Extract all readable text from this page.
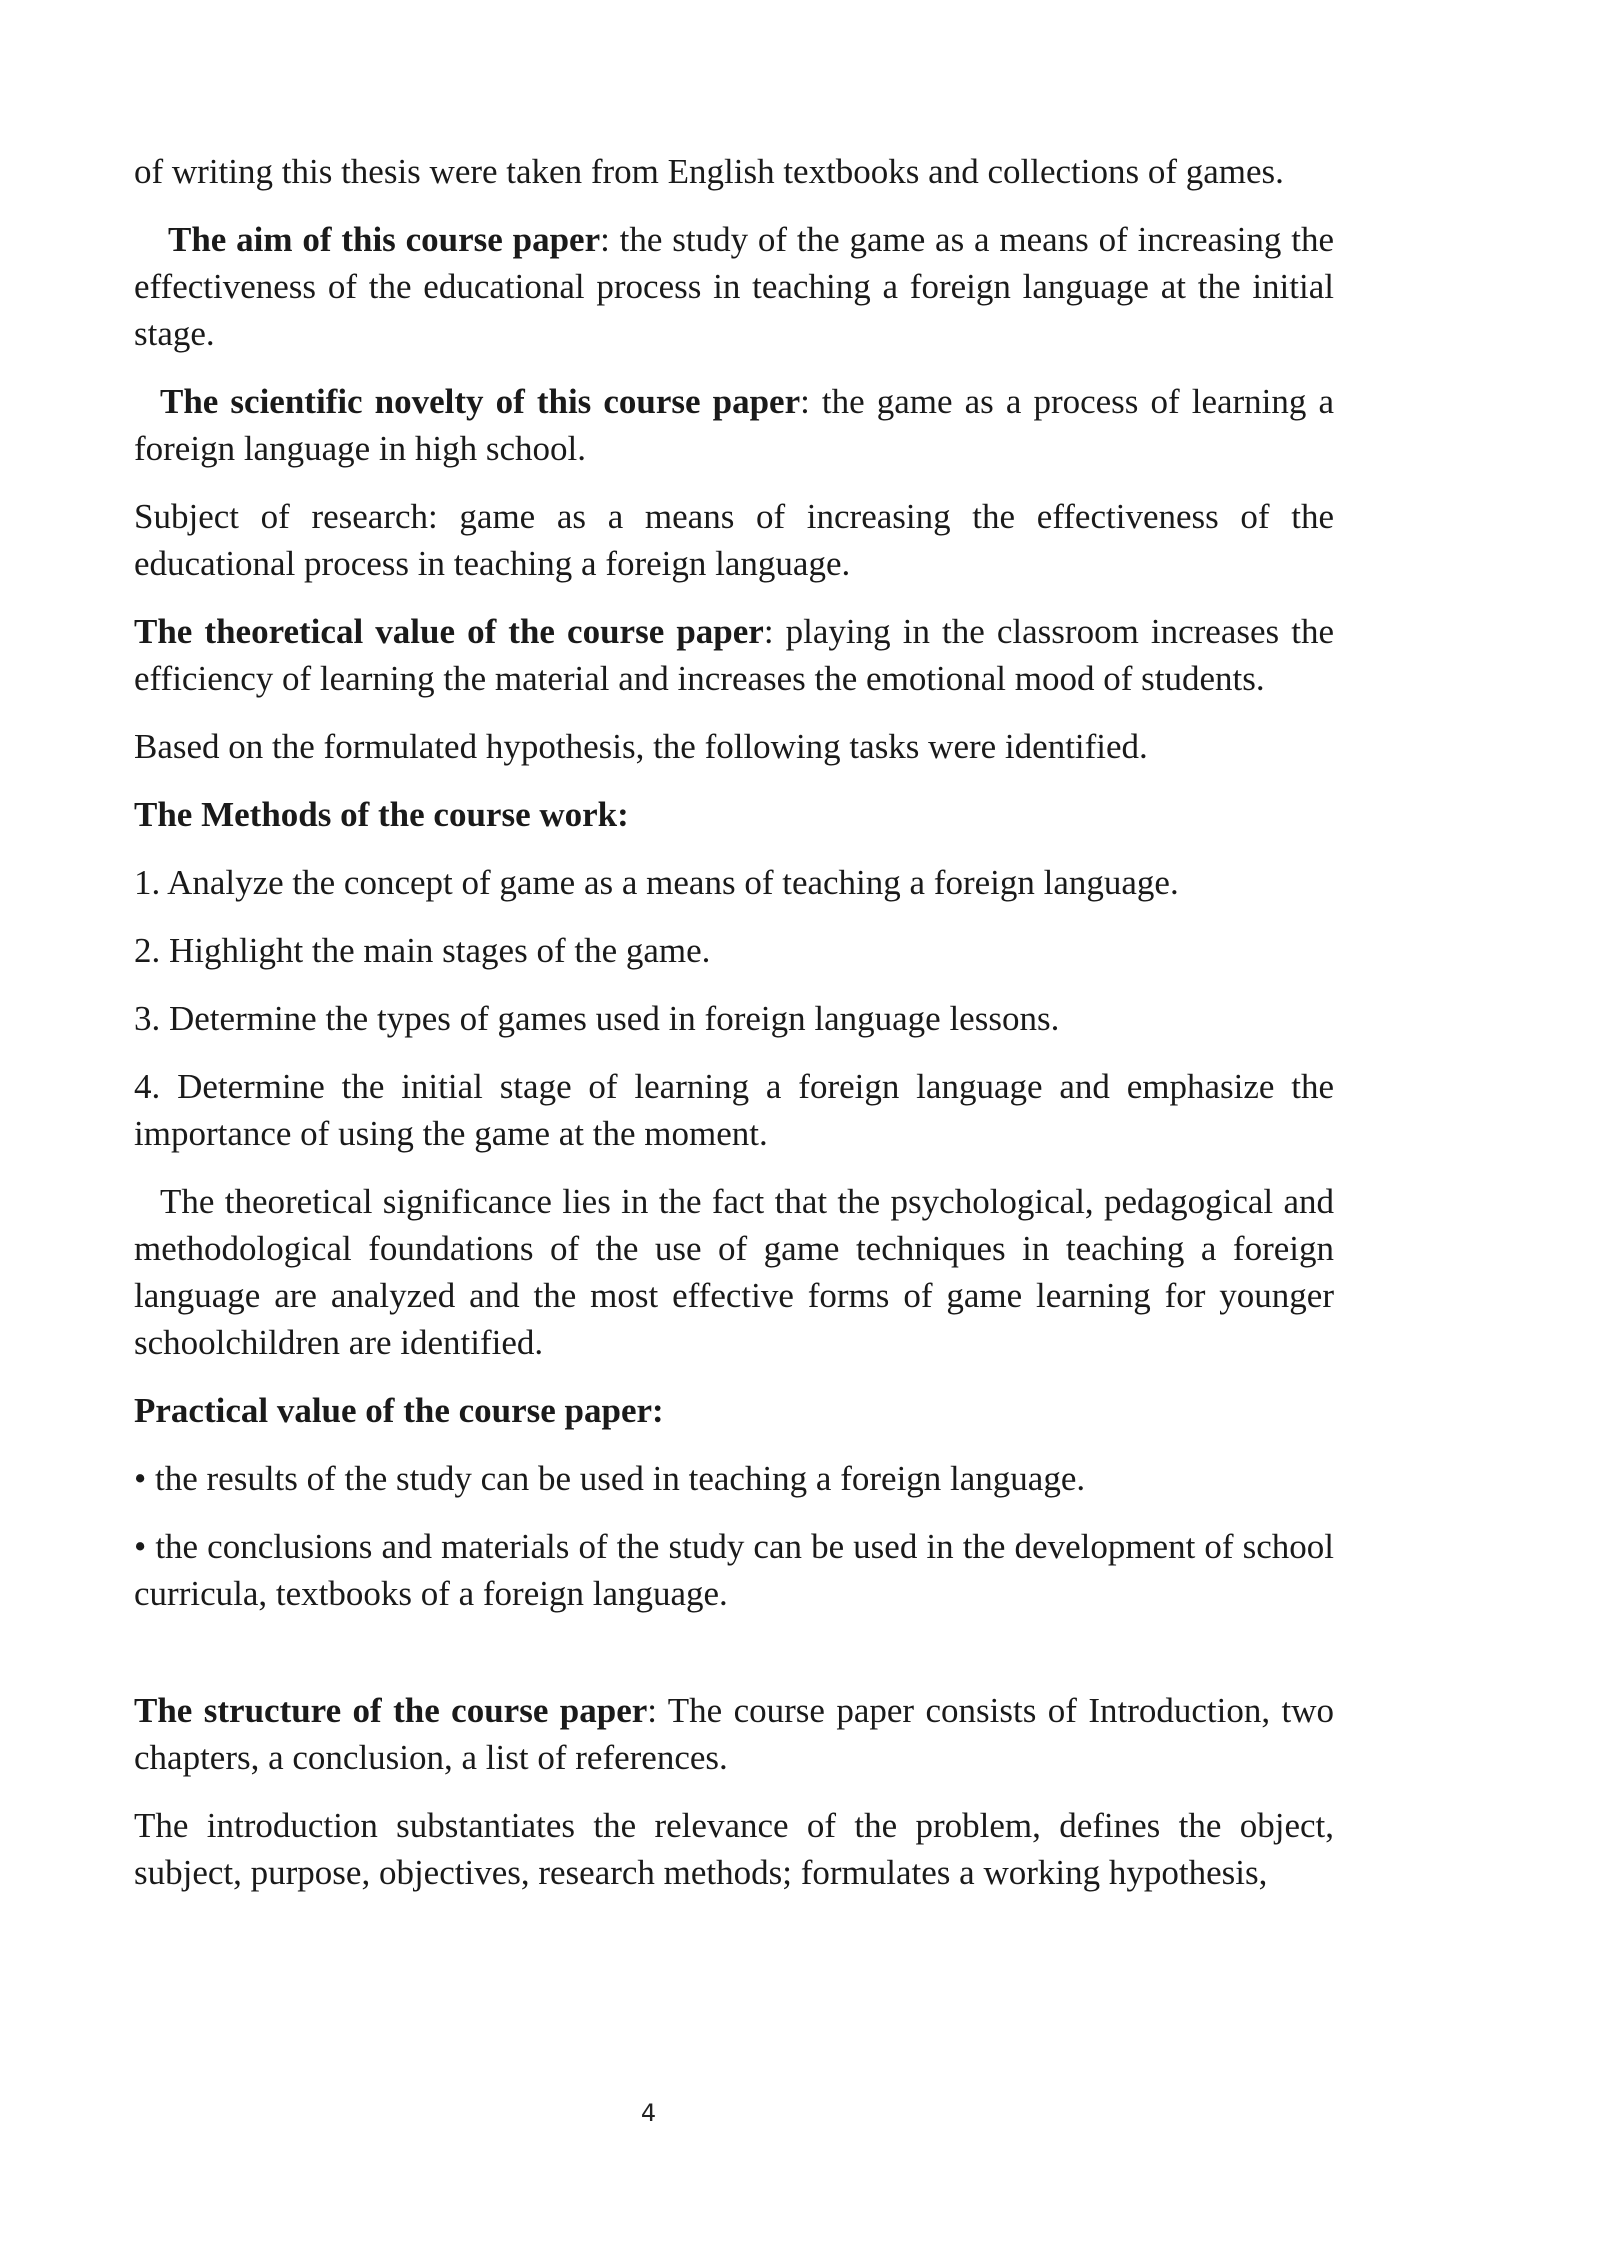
of writing this thesis were taken from English textbooks and collections of games.

The aim of this course paper: the study of the game as a means of increasing the effectiveness of the educational process in teaching a foreign language at the initial stage.

The scientific novelty of this course paper: the game as a process of learning a foreign language in high school.

Subject of research: game as a means of increasing the effectiveness of the educational process in teaching a foreign language.

The theoretical value of the course paper: playing in the classroom increases the efficiency of learning the material and increases the emotional mood of students.

Based on the formulated hypothesis, the following tasks were identified.

The Methods of the course work:

1. Analyze the concept of game as a means of teaching a foreign language.

2. Highlight the main stages of the game.

3. Determine the types of games used in foreign language lessons.

4. Determine the initial stage of learning a foreign language and emphasize the importance of using the game at the moment.

The theoretical significance lies in the fact that the psychological, pedagogical and methodological foundations of the use of game techniques in teaching a foreign language are analyzed and the most effective forms of game learning for younger schoolchildren are identified.

Practical value of the course paper:

• the results of the study can be used in teaching a foreign language.

• the conclusions and materials of the study can be used in the development of school curricula, textbooks of a foreign language.

The structure of the course paper: The course paper consists of Introduction, two chapters, a conclusion, a list of references.

The introduction substantiates the relevance of the problem, defines the object, subject, purpose, objectives, research methods; formulates a working hypothesis,

4
